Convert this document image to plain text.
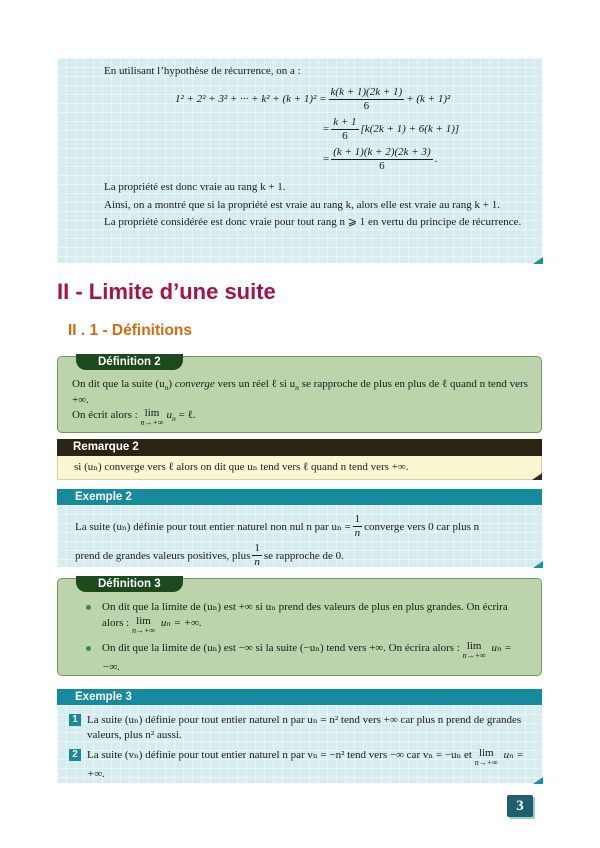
En utilisant l’hypothèse de récurrence, on a :

1² + 2² + 3² + ··· + $k^2 + (k + 1)^2 = \frac{k(k + 1)(2k + 1)}{6} + (k + 1)^2$
= $\frac{k + 1}{6} [k(2k + 1) + 6(k + 1)]$
= $\frac{(k + 1)(k + 2)(2k + 3)}{6}$ .

La propriété est donc vraie au rang k + 1.

Ainsi, on a montré que si la propriété est vraie au rang k, alors elle est vraie au rang k + 1.

La propriété considérée est donc vraie pour tout rang n ⩾ 1 en vertu du principe de récurrence.

II - Limite d’une suite
II . 1 - Définitions
Définition 2

On dit que la suite $(u_n)$ converge vers un réel ℓ si $u_n$ se rapproche de plus en plus de ℓ quand n tend vers +∞.

On écrit alors : lim
n→+∞
$u_n$ = ℓ.

Remarque 2
si (uₙ) converge vers ℓ alors on dit que uₙ tend vers ℓ quand n tend vers +∞.
Exemple 2
La suite (uₙ) définie pour tout entier naturel non nul n par $u_n = \frac{1}{n}$ converge vers 0 car plus n
prend de grandes valeurs positives, plus $\frac{1}{n}$ se rapproche de 0.
Définition 3
On dit que la limite de (uₙ) est +∞ si uₙ prend des valeurs de plus en plus grandes. On écrira alors : lim
n→+∞
uₙ = +∞.
On dit que la limite de (uₙ) est −∞ si la suite (−uₙ) tend vers +∞. On écrira alors : lim
n→+∞
uₙ = −∞.
Exemple 3
1 La suite (uₙ) définie pour tout entier naturel n par uₙ = n² tend vers +∞ car plus n prend de grandes valeurs, plus n² aussi.
2 La suite (vₙ) définie pour tout entier naturel n par vₙ = −n² tend vers −∞ car vₙ = −uₙ et lim
n→+∞
uₙ = +∞.
3
